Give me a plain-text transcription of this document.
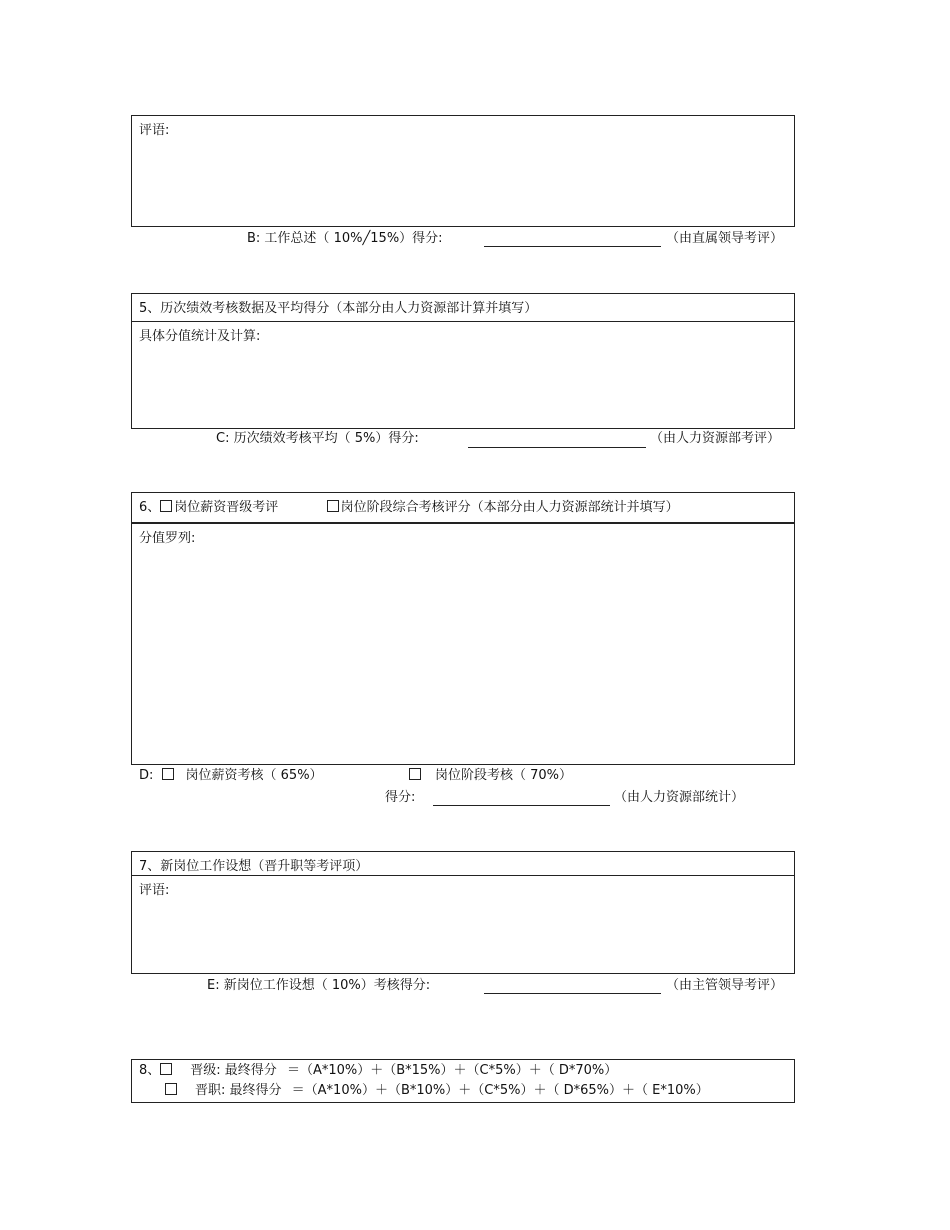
评语:
B: 工作总述（ 10%╱15%）得分:	（由直属领导考评）
5、历次绩效考核数据及平均得分（本部分由人力资源部计算并填写）
具体分值统计及计算:
C: 历次绩效考核平均（ 5%）得分:	（由人力资源部考评）
6、 岗位薪资晋级考评	岗位阶段综合考核评分（本部分由人力资源部统计并填写）
分值罗列:
D: 岗位薪资考核（ 65%）	岗位阶段考核（ 70%）
得分:	（由人力资源部统计）
7、新岗位工作设想（晋升职等考评项）
评语:
E: 新岗位工作设想（ 10%）考核得分:	（由主管领导考评）
8、 晋级: 最终得分 ＝（A*10%）＋（B*15%）＋（C*5%）＋（ D*70%）
晋职: 最终得分 ＝（A*10%）＋（B*10%）＋（C*5%）＋（ D*65%）＋（ E*10%）
